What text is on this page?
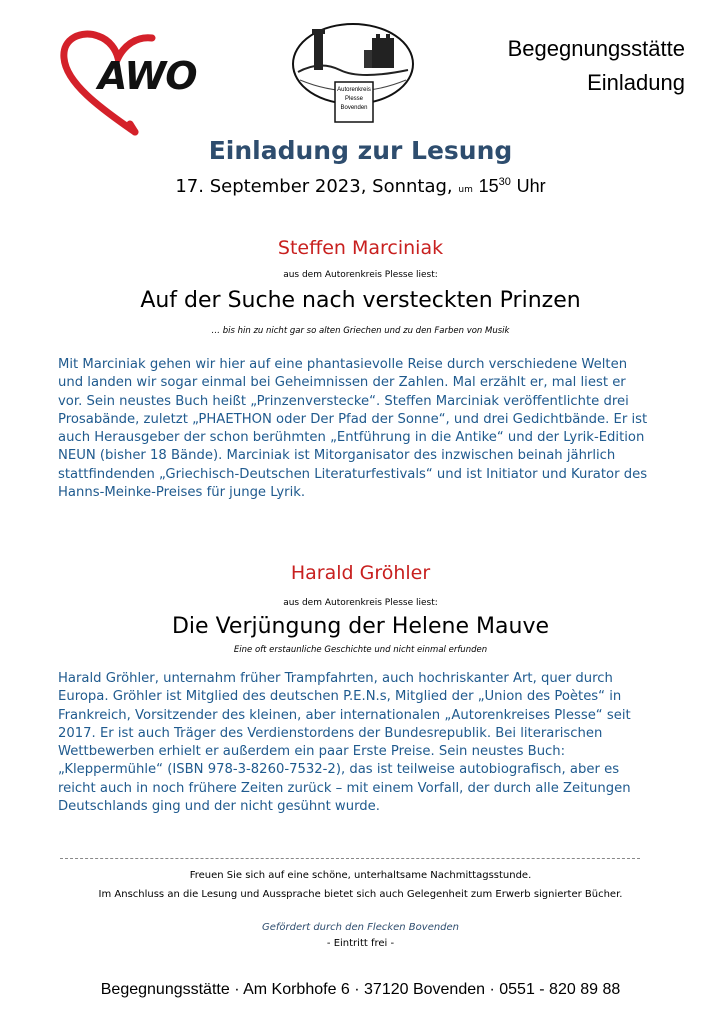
AWO	Autorenkreis Plesse Bovenden
Begegnungsstätte
Einladung
Einladung zur Lesung
17. September 2023, Sonntag, um $15^{30}$ Uhr
Steffen Marciniak
aus dem Autorenkreis Plesse liest:
Auf der Suche nach versteckten Prinzen
… bis hin zu nicht gar so alten Griechen und zu den Farben von Musik
Mit Marciniak gehen wir hier auf eine phantasievolle Reise durch verschiedene Welten und landen wir sogar einmal bei Geheimnissen der Zahlen. Mal erzählt er, mal liest er vor. Sein neustes Buch heißt „Prinzenverstecke“. Steffen Marciniak veröffentlichte drei Prosabände, zuletzt „PHAETHON oder Der Pfad der Sonne“, und drei Gedichtbände. Er ist auch Herausgeber der schon berühmten „Entführung in die Antike“ und der Lyrik-Edition NEUN (bisher 18 Bände). Marciniak ist Mitorganisator des inzwischen beinah jährlich stattfindenden „Griechisch-Deutschen Literaturfestivals“ und ist Initiator und Kurator des Hanns-Meinke-Preises für junge Lyrik.
Harald Gröhler
aus dem Autorenkreis Plesse liest:
Die Verjüngung der Helene Mauve
Eine oft erstaunliche Geschichte und nicht einmal erfunden
Harald Gröhler, unternahm früher Trampfahrten, auch hochriskanter Art, quer durch Europa. Gröhler ist Mitglied des deutschen P.E.N.s, Mitglied der „Union des Poètes“ in Frankreich, Vorsitzender des kleinen, aber internationalen „Autorenkreises Plesse“ seit 2017. Er ist auch Träger des Verdienstordens der Bundesrepublik. Bei literarischen Wettbewerben erhielt er außerdem ein paar Erste Preise. Sein neustes Buch: „Kleppermühle“ (ISBN 978-3-8260-7532-2), das ist teilweise autobiografisch, aber es reicht auch in noch frühere Zeiten zurück – mit einem Vorfall, der durch alle Zeitungen Deutschlands ging und der nicht gesühnt wurde.
Freuen Sie sich auf eine schöne, unterhaltsame Nachmittagsstunde.
Im Anschluss an die Lesung und Aussprache bietet sich auch Gelegenheit zum Erwerb signierter Bücher.
Gefördert durch den Flecken Bovenden
- Eintritt frei -
Begegnungsstätte · Am Korbhofe 6 · 37120 Bovenden · 0551 - 820 89 88
